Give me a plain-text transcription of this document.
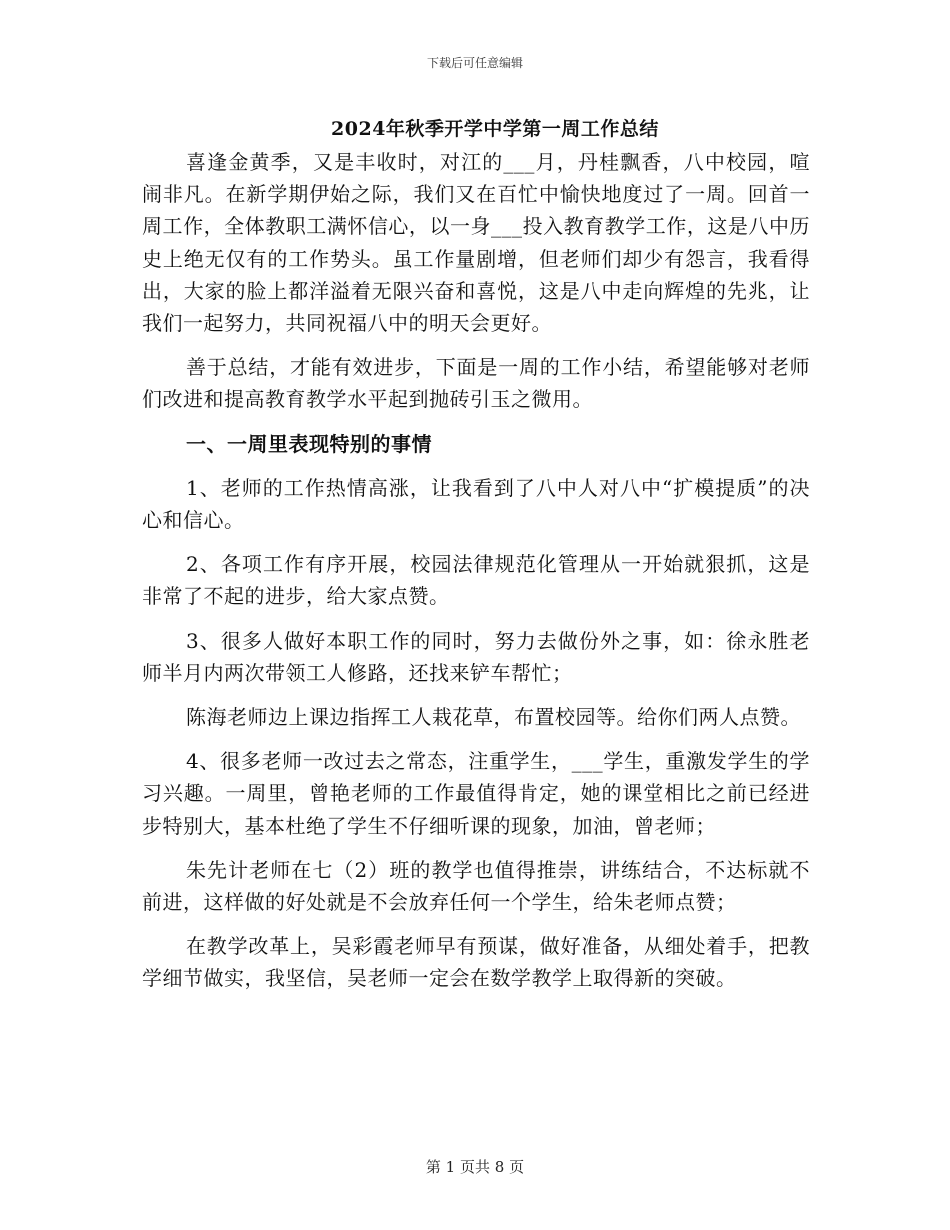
下载后可任意编辑
2024年秋季开学中学第一周工作总结

喜逢金黄季，又是丰收时，对江的___月，丹桂飘香，八中校园，喧闹非凡。在新学期伊始之际，我们又在百忙中愉快地度过了一周。回首一周工作，全体教职工满怀信心，以一身___投入教育教学工作，这是八中历史上绝无仅有的工作势头。虽工作量剧增，但老师们却少有怨言，我看得出，大家的脸上都洋溢着无限兴奋和喜悦，这是八中走向辉煌的先兆，让我们一起努力，共同祝福八中的明天会更好。

善于总结，才能有效进步，下面是一周的工作小结，希望能够对老师们改进和提高教育教学水平起到抛砖引玉之微用。

一、一周里表现特别的事情

1、老师的工作热情高涨，让我看到了八中人对八中“扩模提质”的决心和信心。

2、各项工作有序开展，校园法律规范化管理从一开始就狠抓，这是非常了不起的进步，给大家点赞。

3、很多人做好本职工作的同时，努力去做份外之事，如：徐永胜老师半月内两次带领工人修路，还找来铲车帮忙；

陈海老师边上课边指挥工人栽花草，布置校园等。给你们两人点赞。

4、很多老师一改过去之常态，注重学生，___学生，重激发学生的学习兴趣。一周里，曾艳老师的工作最值得肯定，她的课堂相比之前已经进步特别大，基本杜绝了学生不仔细听课的现象，加油，曾老师；

朱先计老师在七（2）班的教学也值得推崇，讲练结合，不达标就不前进，这样做的好处就是不会放弃任何一个学生，给朱老师点赞；

在教学改革上，吴彩霞老师早有预谋，做好准备，从细处着手，把教学细节做实，我坚信，吴老师一定会在数学教学上取得新的突破。

第 1 页共 8 页
